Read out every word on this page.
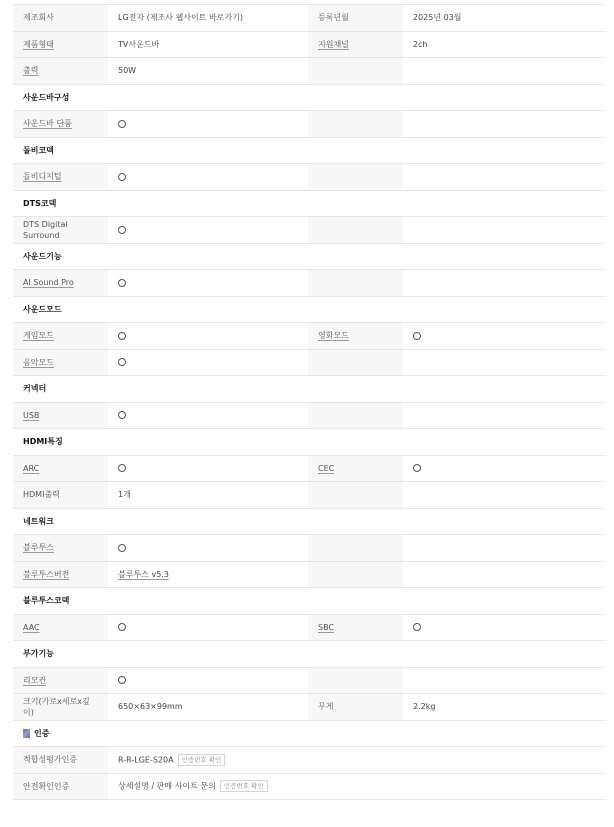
제조회사	LG전자 (제조사 웹사이트 바로가기)	등록년월	2025년 03월
제품형태	TV사운드바	지원채널	2ch
출력	50W		
사운드바구성			
사운드바 단품			
돌비코덱			
돌비디지털			
DTS코덱			
DTS Digital Surround			
사운드기능			
AI Sound Pro			
사운드모드			
게임모드		영화모드	
음악모드			
커넥터			
USB			
HDMI특징			
ARC		CEC	
HDMI출력	1개		
네트워크			
블루투스			
블루투스버전	블루투스 v5.3		
블루투스코덱			
AAC		SBC	
부가기능			
리모컨			
크기(가로x세로x깊이)	650×63×99mm	무게	2.2kg
인증			
적합성평가인증	R-R-LGE-S20A 인증번호 확인		
안전확인인증	상세설명 / 판매 사이트 문의 인증번호 확인		
